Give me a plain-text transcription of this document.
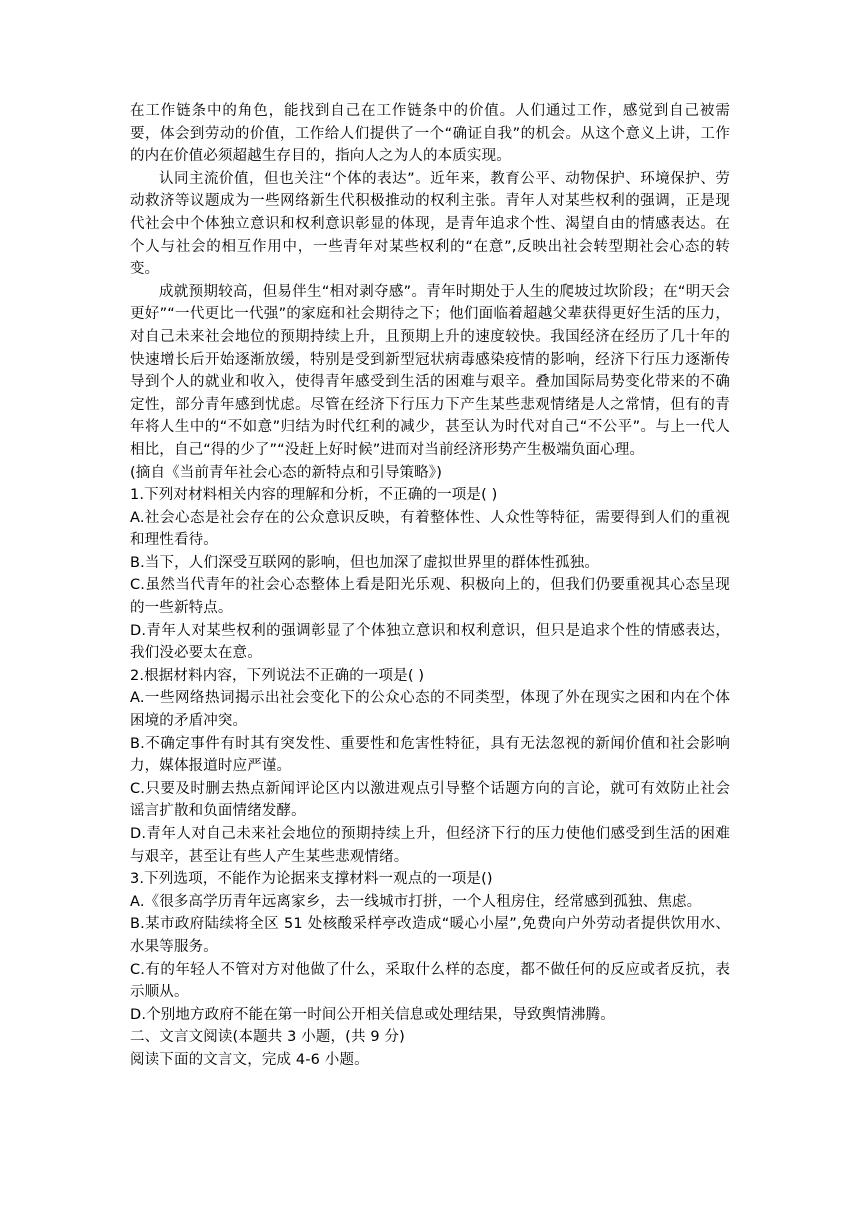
在工作链条中的角色，能找到自己在工作链条中的价值。人们通过工作，感觉到自己被需要，体会到劳动的价值，工作给人们提供了一个“确证自我”的机会。从这个意义上讲，工作的内在价值必须超越生存目的，指向人之为人的本质实现。

认同主流价值，但也关注“个体的表达”。近年来，教育公平、动物保护、环境保护、劳动救济等议题成为一些网络新生代积极推动的权利主张。青年人对某些权利的强调，正是现代社会中个体独立意识和权利意识彰显的体现，是青年追求个性、渴望自由的情感表达。在个人与社会的相互作用中，一些青年对某些权利的“在意”,反映出社会转型期社会心态的转变。

成就预期较高，但易伴生“相对剥夺感”。青年时期处于人生的爬坡过坎阶段；在“明天会更好”“一代更比一代强”的家庭和社会期待之下；他们面临着超越父辈获得更好生活的压力，对自己未来社会地位的预期持续上升，且预期上升的速度较快。我国经济在经历了几十年的快速增长后开始逐渐放缓，特别是受到新型冠状病毒感染疫情的影响，经济下行压力逐渐传导到个人的就业和收入，使得青年感受到生活的困难与艰辛。叠加国际局势变化带来的不确定性，部分青年感到忧虑。尽管在经济下行压力下产生某些悲观情绪是人之常情，但有的青年将人生中的“不如意”归结为时代红利的减少，甚至认为时代对自己“不公平”。与上一代人相比，自己“得的少了”“没赶上好时候”进而对当前经济形势产生极端负面心理。

(摘自《当前青年社会心态的新特点和引导策略》)

1.下列对材料相关内容的理解和分析，不正确的一项是( )

A.社会心态是社会存在的公众意识反映，有着整体性、人众性等特征，需要得到人们的重视和理性看待。

B.当下，人们深受互联网的影响，但也加深了虚拟世界里的群体性孤独。

C.虽然当代青年的社会心态整体上看是阳光乐观、积极向上的，但我们仍要重视其心态呈现的一些新特点。

D.青年人对某些权利的强调彰显了个体独立意识和权利意识，但只是追求个性的情感表达，我们没必要太在意。

2.根据材料内容，下列说法不正确的一项是( )

A.一些网络热词揭示出社会变化下的公众心态的不同类型，体现了外在现实之困和内在个体困境的矛盾冲突。

B.不确定事件有时其有突发性、重要性和危害性特征，具有无法忽视的新闻价值和社会影响力，媒体报道时应严谨。

C.只要及时删去热点新闻评论区内以激进观点引导整个话题方向的言论，就可有效防止社会谣言扩散和负面情绪发酵。

D.青年人对自己未来社会地位的预期持续上升，但经济下行的压力使他们感受到生活的困难与艰辛，甚至让有些人产生某些悲观情绪。

3.下列选项，不能作为论据来支撑材料一观点的一项是()

A.《很多高学历青年远离家乡，去一线城市打拼，一个人租房住，经常感到孤独、焦虑。

B.某市政府陆续将全区 51 处核酸采样亭改造成“暖心小屋”,免费向户外劳动者提供饮用水、水果等服务。

C.有的年轻人不管对方对他做了什么，采取什么样的态度，都不做任何的反应或者反抗，表示顺从。

D.个别地方政府不能在第一时间公开相关信息或处理结果，导致舆情沸腾。

二、文言文阅读(本题共 3 小题，(共 9 分)

阅读下面的文言文，完成 4-6 小题。
